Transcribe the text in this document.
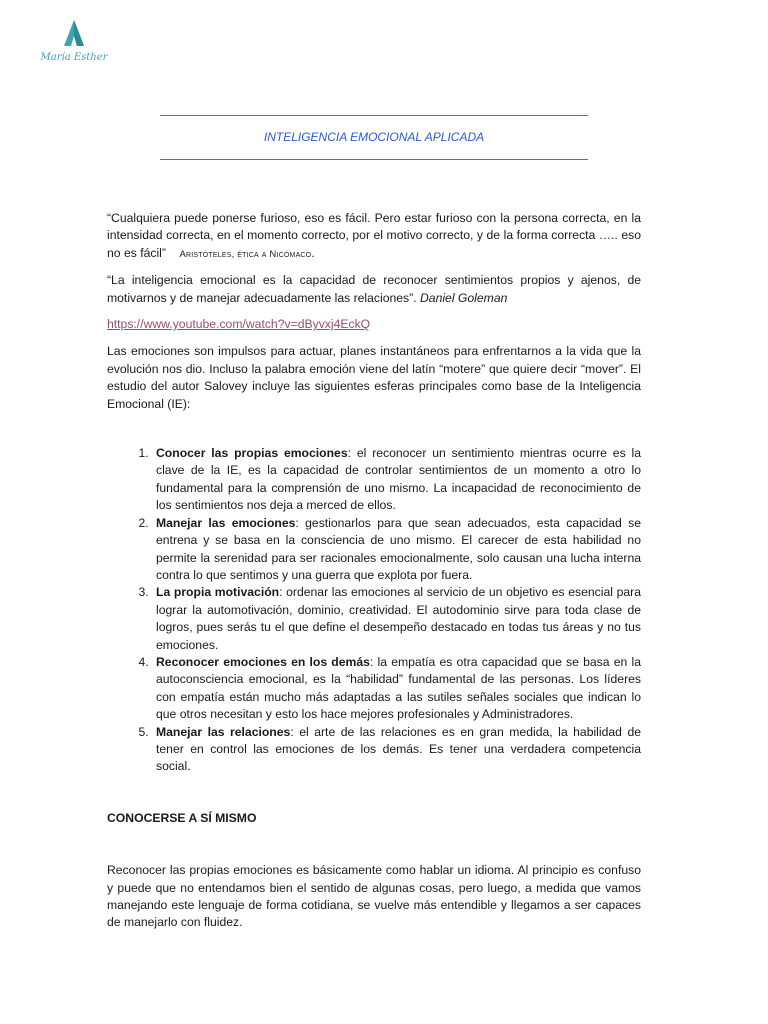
María Esther
INTELIGENCIA EMOCIONAL APLICADA

“Cualquiera puede ponerse furioso, eso es fácil. Pero estar furioso con la persona correcta, en la intensidad correcta, en el momento correcto, por el motivo correcto, y de la forma correcta ….. eso no es fácil” Aristóteles, ética a Nicómaco.

“La inteligencia emocional es la capacidad de reconocer sentimientos propios y ajenos, de motivarnos y de manejar adecuadamente las relaciones”. Daniel Goleman

https://www.youtube.com/watch?v=dByvxj4EckQ

Las emociones son impulsos para actuar, planes instantáneos para enfrentarnos a la vida que la evolución nos dio. Incluso la palabra emoción viene del latín “motere” que quiere decir “mover”. El estudio del autor Salovey incluye las siguientes esferas principales como base de la Inteligencia Emocional (IE):

1. Conocer las propias emociones: el reconocer un sentimiento mientras ocurre es la clave de la IE, es la capacidad de controlar sentimientos de un momento a otro lo fundamental para la comprensión de uno mismo. La incapacidad de reconocimiento de los sentimientos nos deja a merced de ellos.
2. Manejar las emociones: gestionarlos para que sean adecuados, esta capacidad se entrena y se basa en la consciencia de uno mismo. El carecer de esta habilidad no permite la serenidad para ser racionales emocionalmente, solo causan una lucha interna contra lo que sentimos y una guerra que explota por fuera.
3. La propia motivación: ordenar las emociones al servicio de un objetivo es esencial para lograr la automotivación, dominio, creatividad. El autodominio sirve para toda clase de logros, pues serás tu el que define el desempeño destacado en todas tus áreas y no tus emociones.
4. Reconocer emociones en los demás: la empatía es otra capacidad que se basa en la autoconsciencia emocional, es la “habilidad” fundamental de las personas. Los líderes con empatía están mucho más adaptadas a las sutiles señales sociales que indican lo que otros necesitan y esto los hace mejores profesionales y Administradores.
5. Manejar las relaciones: el arte de las relaciones es en gran medida, la habilidad de tener en control las emociones de los demás. Es tener una verdadera competencia social.
CONOCERSE A SÍ MISMO

Reconocer las propias emociones es básicamente como hablar un idioma. Al principio es confuso y puede que no entendamos bien el sentido de algunas cosas, pero luego, a medida que vamos manejando este lenguaje de forma cotidiana, se vuelve más entendible y llegamos a ser capaces de manejarlo con fluidez.
